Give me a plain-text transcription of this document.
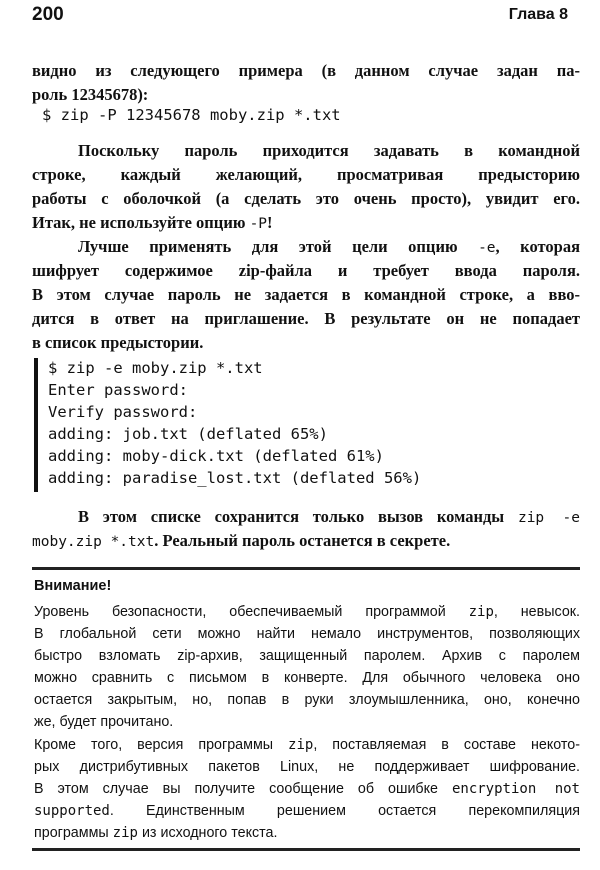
200	Глава 8
видно из следующего примера (в данном случае задан па-
роль 12345678):
$ zip -P 12345678 moby.zip *.txt
Поскольку пароль приходится задавать в командной
строке, каждый желающий, просматривая предысторию
работы с оболочкой (а сделать это очень просто), увидит его.
Итак, не используйте опцию -P!
Лучше применять для этой цели опцию -e, которая
шифрует содержимое zip-файла и требует ввода пароля.
В этом случае пароль не задается в командной строке, а вво-
дится в ответ на приглашение. В результате он не попадает
в список предыстории.
$ zip -e moby.zip *.txt
Enter password:
Verify password:
adding: job.txt (deflated 65%)
adding: moby-dick.txt (deflated 61%)
adding: paradise_lost.txt (deflated 56%)
В этом списке сохранится только вызов команды zip -e
moby.zip *.txt. Реальный пароль останется в секрете.
Внимание!
Уровень безопасности, обеспечиваемый программой zip, невысок.
В глобальной сети можно найти немало инструментов, позволяющих
быстро взломать zip-архив, защищенный паролем. Архив с паролем
можно сравнить с письмом в конверте. Для обычного человека оно
остается закрытым, но, попав в руки злоумышленника, оно, конечно
же, будет прочитано.
Кроме того, версия программы zip, поставляемая в составе некото-
рых дистрибутивных пакетов Linux, не поддерживает шифрование.
В этом случае вы получите сообщение об ошибке encryption not
supported. Единственным решением остается перекомпиляция
программы zip из исходного текста.
